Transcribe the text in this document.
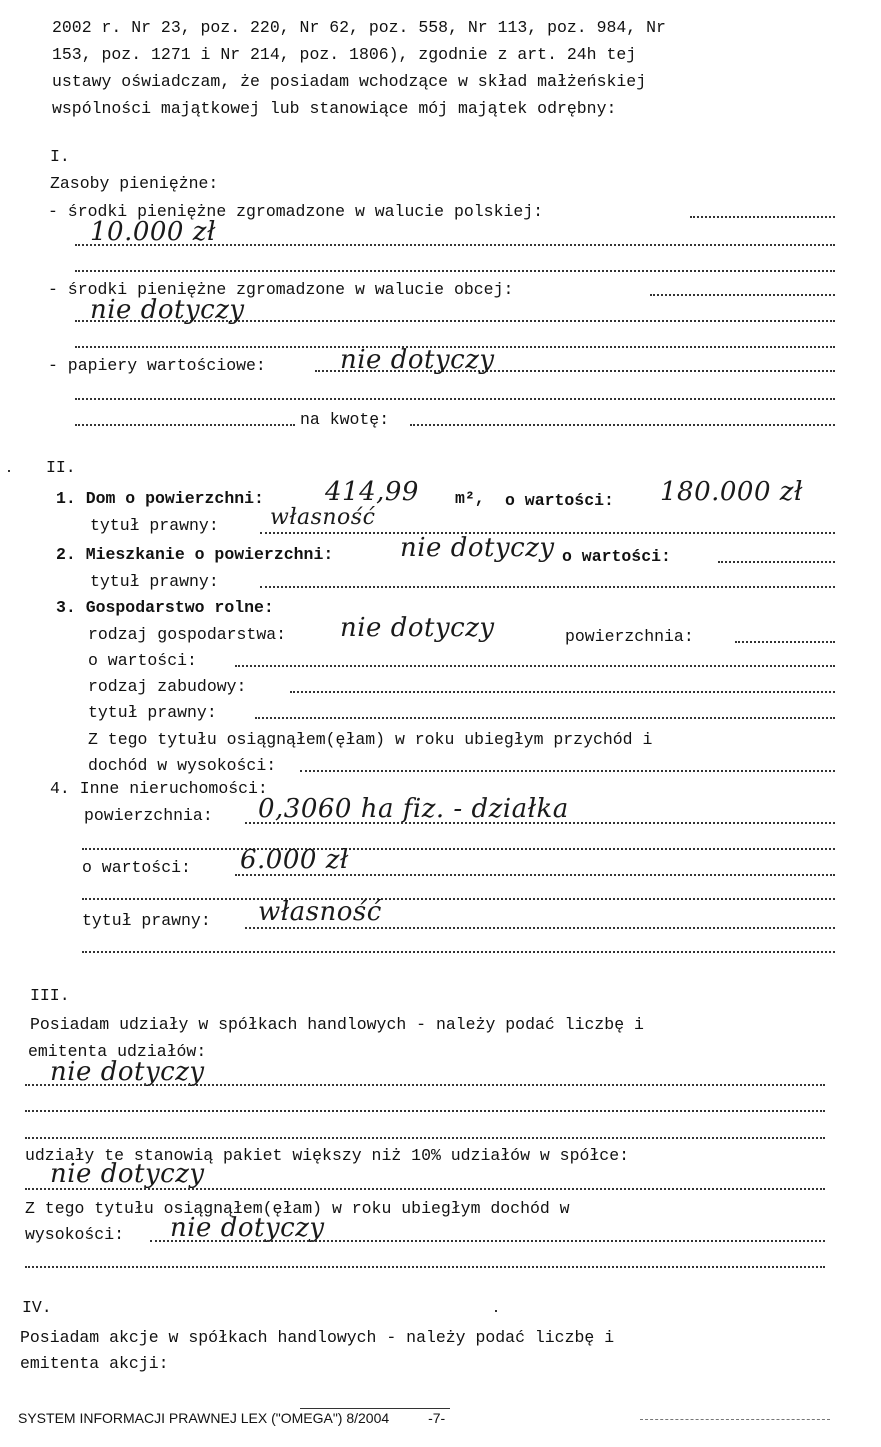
2002 r. Nr 23, poz. 220, Nr 62, poz. 558, Nr 113, poz. 984, Nr
153, poz. 1271 i Nr 214, poz. 1806), zgodnie z art. 24h tej
ustawy oświadczam, że posiadam wchodzące w skład małżeńskiej
wspólności majątkowej lub stanowiące mój majątek odrębny:
I.
Zasoby pieniężne:
- środki pieniężne zgromadzone w walucie polskiej:
10.000 zł
- środki pieniężne zgromadzone w walucie obcej:
nie dotyczy
- papiery wartościowe:	nie dotyczy
na kwotę:
II.
1. Dom o powierzchni: 414,99 m², o wartości: 180.000 zł
tytuł prawny: własność
2. Mieszkanie o powierzchni:	nie dotyczy o wartości:
tytuł prawny:
3. Gospodarstwo rolne:
rodzaj gospodarstwa: nie dotyczy	powierzchnia:
o wartości:
rodzaj zabudowy:
tytuł prawny:
Z tego tytułu osiągnąłem(ęłam) w roku ubiegłym przychód i
dochód w wysokości:
4. Inne nieruchomości:
powierzchnia: 0,3060 ha fiz. - działka
o wartości: 6.000 zł
tytuł prawny: własność
III.
Posiadam udziały w spółkach handlowych - należy podać liczbę i
emitenta udziałów:
nie dotyczy
udziały te stanowią pakiet większy niż 10% udziałów w spółce:
nie dotyczy
Z tego tytułu osiągnąłem(ęłam) w roku ubiegłym dochód w
wysokości: nie dotyczy
IV.
Posiadam akcje w spółkach handlowych - należy podać liczbę i
emitenta akcji:
SYSTEM INFORMACJI PRAWNEJ LEX ("OMEGA") 8/2004	-7-
